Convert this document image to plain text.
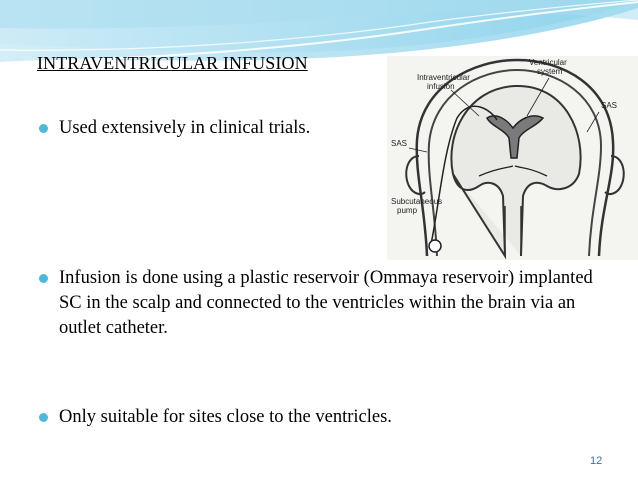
INTRAVENTRICULAR INFUSION
Intraventricular
infusion
Ventricular
system
SAS
SAS
Subcutaneous
pump
Used extensively in clinical trials.
Infusion is done using a plastic reservoir (Ommaya reservoir) implanted SC in the scalp and connected to the ventricles within the brain via an outlet catheter.
Only suitable for sites close to the ventricles.
12
